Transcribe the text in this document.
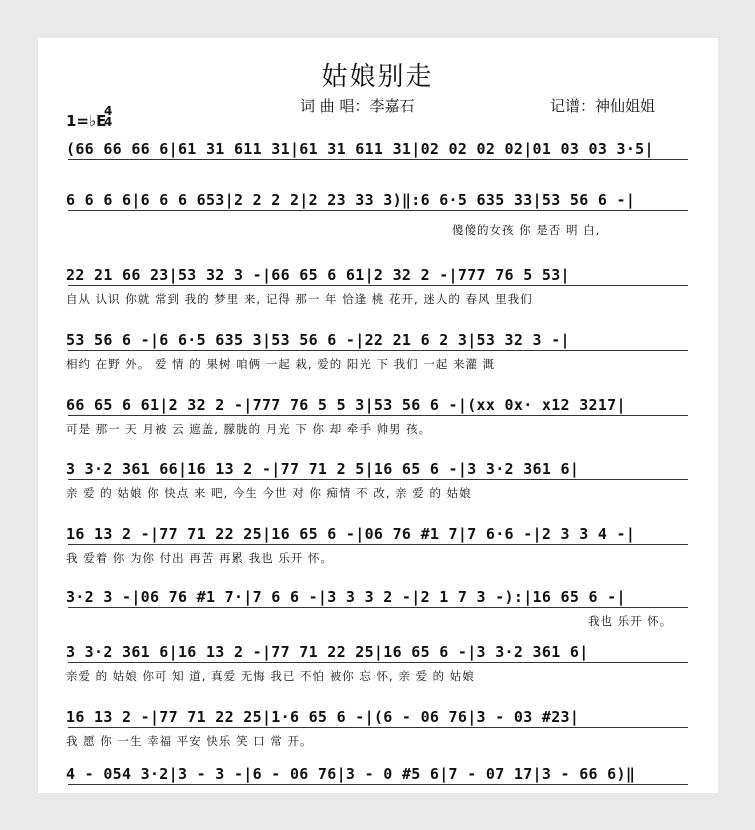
姑娘别走
词 曲 唱：李嘉石	记谱：神仙姐姐
1=♭E
4
4
(66 66 66 6|61 31 611 31|61 31 611 31|02 02 02 02|01 03 03 3·5|
6 6 6 6|6 6 6 653|2 2 2 2|2 23 33 3)‖:6 6·5 635 33|53 56 6 -|
傻傻的女孩 你 是否 明 白,
22 21 66 23|53 32 3 -|66 65 6 61|2 32 2 -|777 76 5 53|
自从 认识 你就 常到 我的 梦里 来, 记得 那一 年 恰逢 桃 花开, 迷人的 春风 里我们
53 56 6 -|6 6·5 635 3|53 56 6 -|22 21 6 2 3|53 32 3 -|
相约 在野 外。 爱 情 的 果树 咱俩 一起 栽, 爱的 阳光 下 我们 一起 来灌 溉
66 65 6 61|2 32 2 -|777 76 5 5 3|53 56 6 -|(xx 0x· x12 3217|
可是 那一 天 月被 云 遮盖, 朦胧的 月光 下 你 却 牵手 帅男 孩。
3 3·2 361 66|16 13 2 -|77 71 2 5|16 65 6 -|3 3·2 361 6|
亲 爱 的 姑娘 你 快点 来 吧, 今生 今世 对 你 痴情 不 改, 亲 爱 的 姑娘
16 13 2 -|77 71 22 25|16 65 6 -|06 76 #1 7|7 6·6 -|2 3 3 4 -|
我 爱着 你 为你 付出 再苦 再累 我也 乐开 怀。
3·2 3 -|06 76 #1 7·|7 6 6 -|3 3 3 2 -|2 1 7 3 -):|16 65 6 -|
我也 乐开 怀。
3 3·2 361 6|16 13 2 -|77 71 22 25|16 65 6 -|3 3·2 361 6|
亲爱 的 姑娘 你可 知 道, 真爱 无悔 我已 不怕 被你 忘 怀, 亲 爱 的 姑娘
16 13 2 -|77 71 22 25|1·6 65 6 -|(6 - 06 76|3 - 03 #23|
我 愿 你 一生 幸福 平安 快乐 笑 口 常 开。
4 - 054 3·2|3 - 3 -|6 - 06 76|3 - 0 #5 6|7 - 07 17|3 - 66 6)‖
